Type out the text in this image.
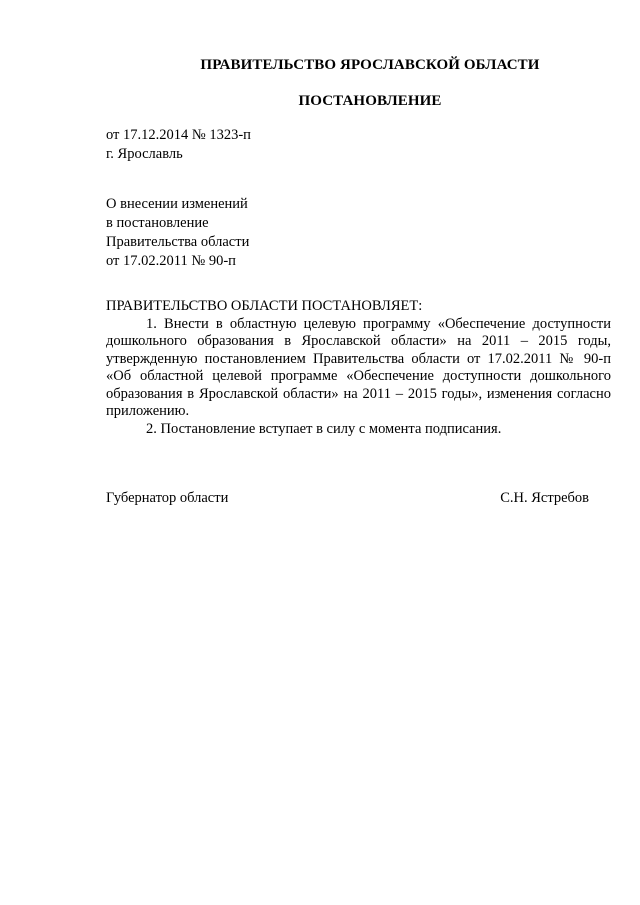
ПРАВИТЕЛЬСТВО ЯРОСЛАВСКОЙ ОБЛАСТИ
ПОСТАНОВЛЕНИЕ
от 17.12.2014 № 1323-п
г. Ярославль
О внесении изменений
в постановление
Правительства области
от 17.02.2011 № 90-п
ПРАВИТЕЛЬСТВО ОБЛАСТИ ПОСТАНОВЛЯЕТ:

1. Внести в областную целевую программу «Обеспечение доступности дошкольного образования в Ярославской области» на 2011 – 2015 годы, утвержденную постановлением Правительства области от 17.02.2011 № 90-п «Об областной целевой программе «Обеспечение доступности дошкольного образования в Ярославской области» на 2011 – 2015 годы», изменения согласно приложению.

2. Постановление вступает в силу с момента подписания.

Губернатор области	С.Н. Ястребов
